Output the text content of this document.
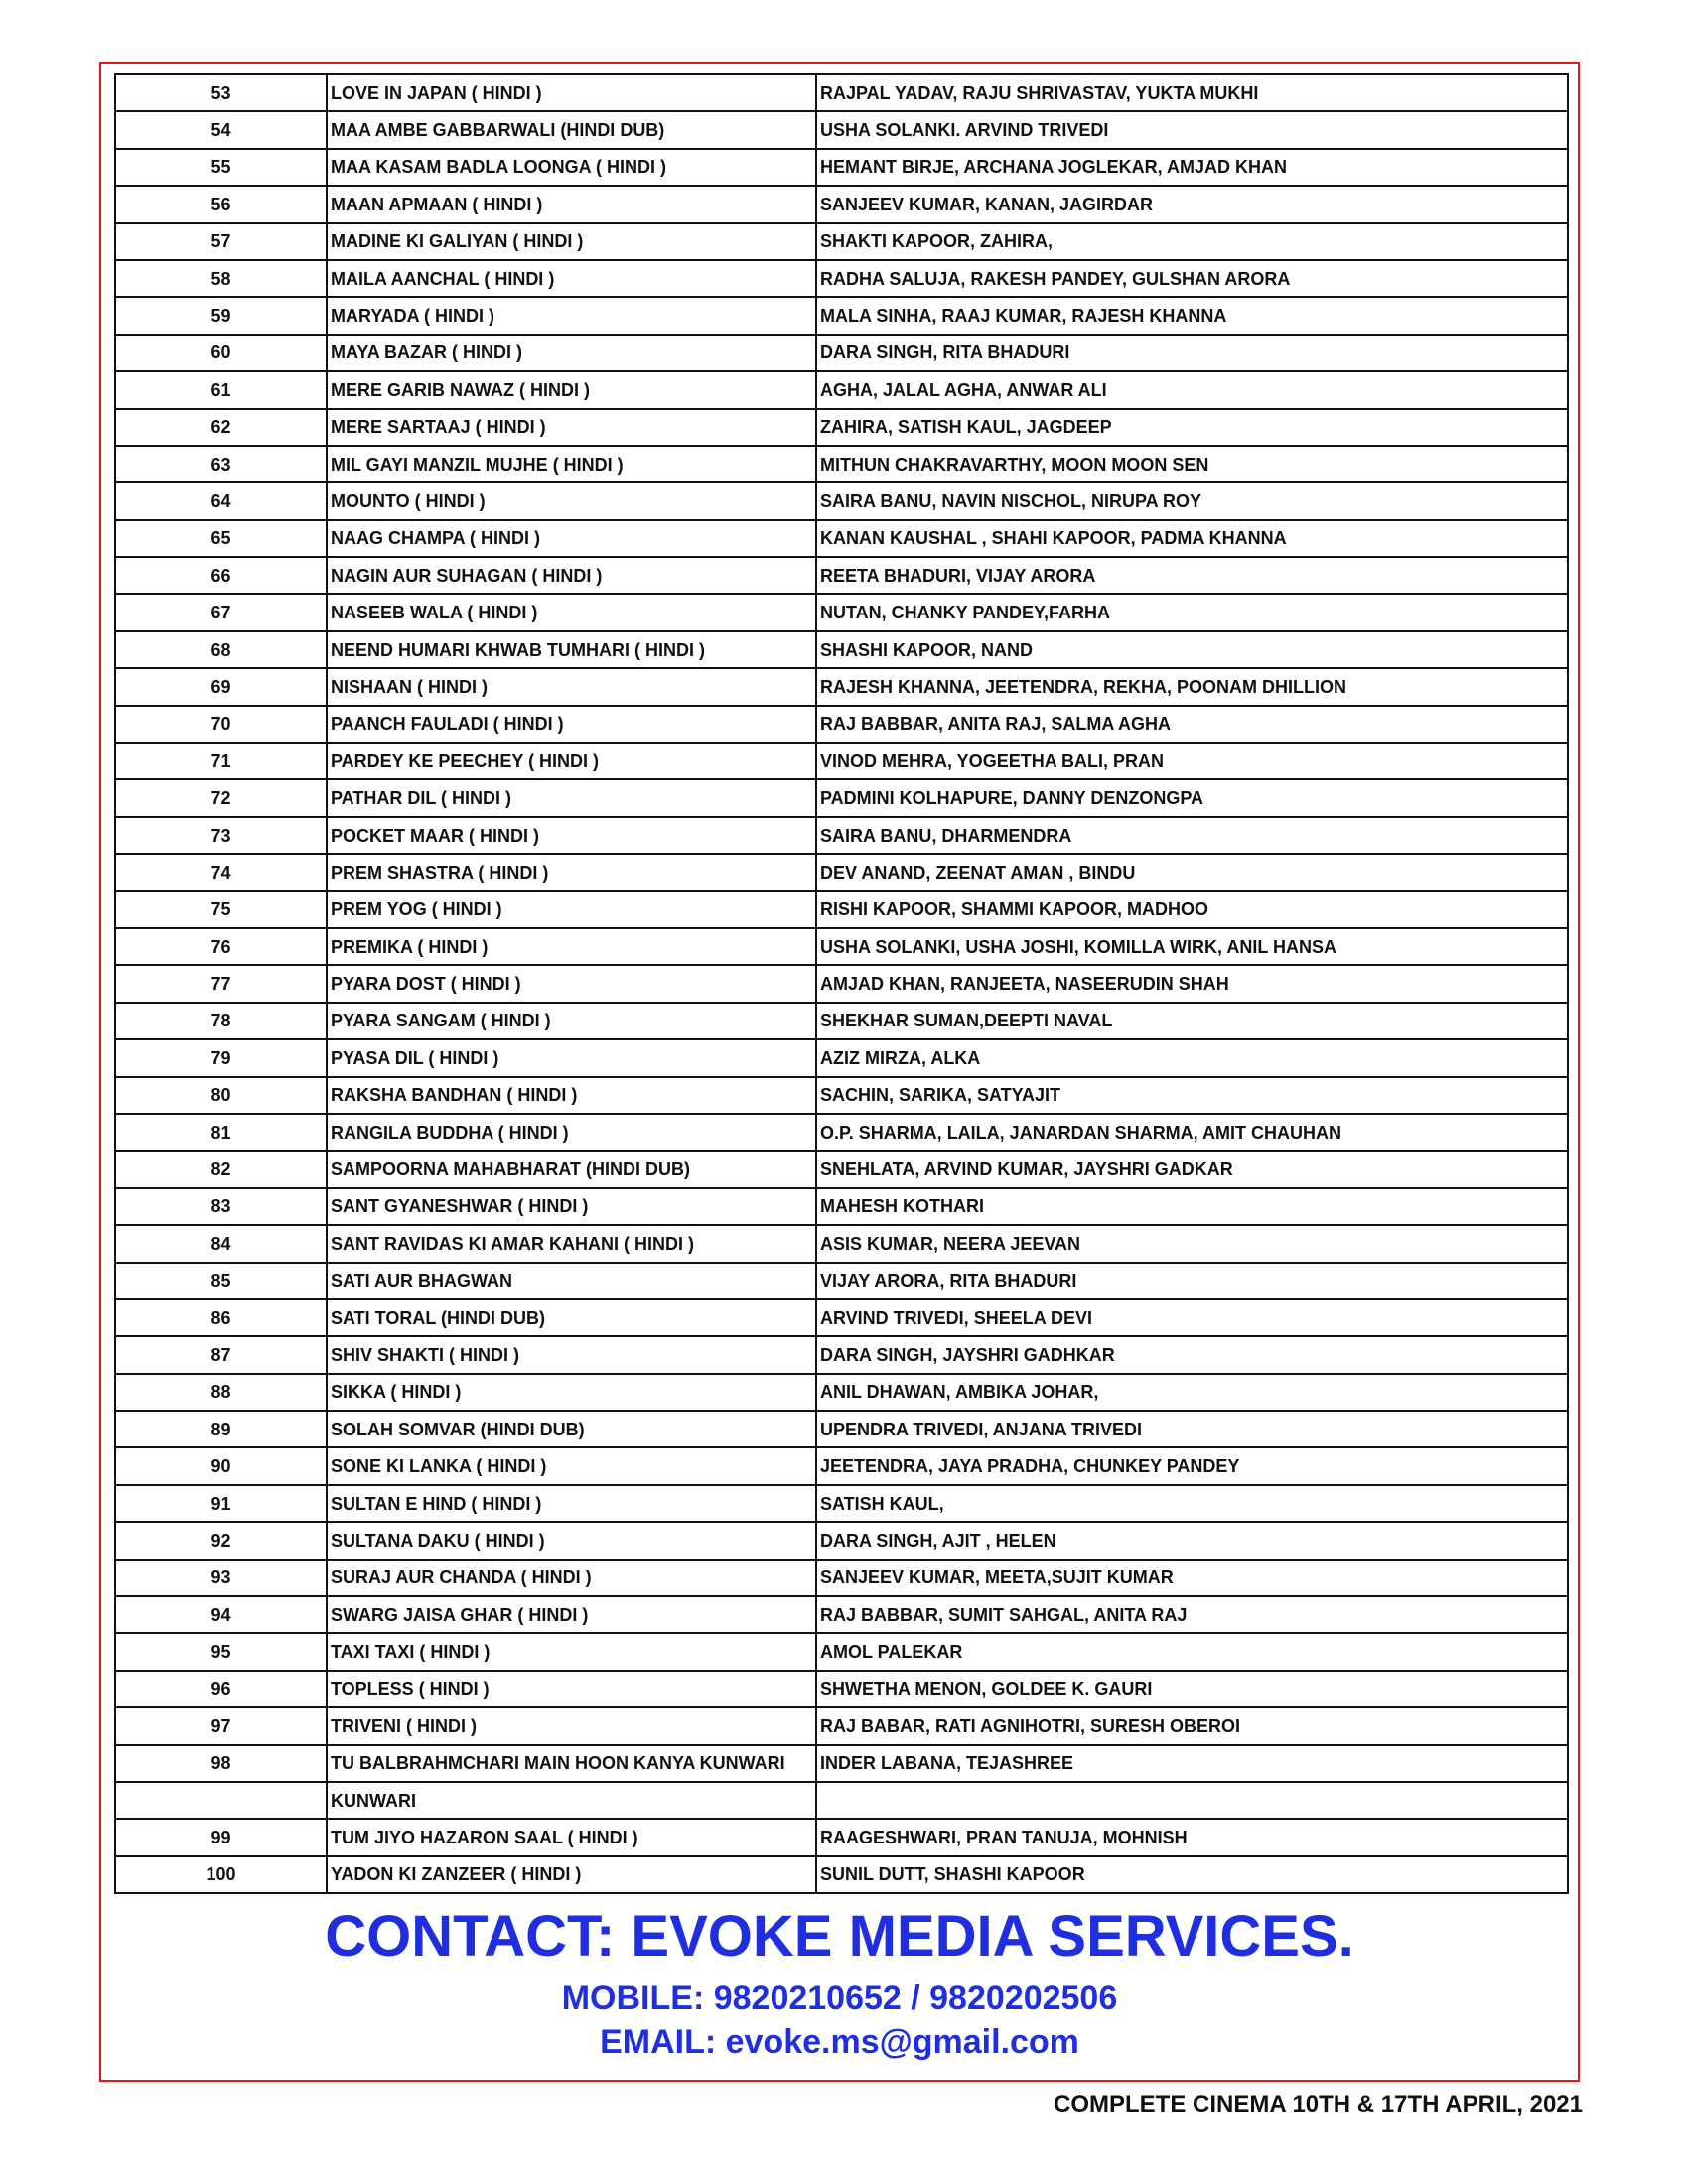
53	LOVE IN JAPAN ( HINDI )	RAJPAL YADAV, RAJU SHRIVASTAV, YUKTA MUKHI
54	MAA AMBE GABBARWALI (HINDI DUB)	USHA SOLANKI. ARVIND TRIVEDI
55	MAA KASAM BADLA LOONGA ( HINDI )	HEMANT BIRJE, ARCHANA JOGLEKAR, AMJAD KHAN
56	MAAN APMAAN ( HINDI )	SANJEEV KUMAR, KANAN, JAGIRDAR
57	MADINE KI GALIYAN ( HINDI )	SHAKTI KAPOOR, ZAHIRA,
58	MAILA AANCHAL ( HINDI )	RADHA SALUJA, RAKESH PANDEY, GULSHAN ARORA
59	MARYADA ( HINDI )	MALA SINHA, RAAJ KUMAR, RAJESH KHANNA
60	MAYA BAZAR ( HINDI )	DARA SINGH, RITA BHADURI
61	MERE GARIB NAWAZ ( HINDI )	AGHA, JALAL AGHA, ANWAR ALI
62	MERE SARTAAJ ( HINDI )	ZAHIRA, SATISH KAUL, JAGDEEP
63	MIL GAYI MANZIL MUJHE ( HINDI )	MITHUN CHAKRAVARTHY, MOON MOON SEN
64	MOUNTO ( HINDI )	SAIRA BANU, NAVIN NISCHOL, NIRUPA ROY
65	NAAG CHAMPA ( HINDI )	KANAN KAUSHAL , SHAHI KAPOOR, PADMA KHANNA
66	NAGIN AUR SUHAGAN ( HINDI )	REETA BHADURI, VIJAY ARORA
67	NASEEB WALA ( HINDI )	NUTAN, CHANKY PANDEY,FARHA
68	NEEND HUMARI KHWAB TUMHARI ( HINDI )	SHASHI KAPOOR, NAND
69	NISHAAN ( HINDI )	RAJESH KHANNA, JEETENDRA, REKHA, POONAM DHILLION
70	PAANCH FAULADI ( HINDI )	RAJ BABBAR, ANITA RAJ, SALMA AGHA
71	PARDEY KE PEECHEY ( HINDI )	VINOD MEHRA, YOGEETHA BALI, PRAN
72	PATHAR DIL ( HINDI )	PADMINI KOLHAPURE, DANNY DENZONGPA
73	POCKET MAAR ( HINDI )	SAIRA BANU, DHARMENDRA
74	PREM SHASTRA ( HINDI )	DEV ANAND, ZEENAT AMAN , BINDU
75	PREM YOG ( HINDI )	RISHI KAPOOR, SHAMMI KAPOOR, MADHOO
76	PREMIKA ( HINDI )	USHA SOLANKI, USHA JOSHI, KOMILLA WIRK, ANIL HANSA
77	PYARA DOST ( HINDI )	AMJAD KHAN, RANJEETA, NASEERUDIN SHAH
78	PYARA SANGAM ( HINDI )	SHEKHAR SUMAN,DEEPTI NAVAL
79	PYASA DIL ( HINDI )	AZIZ MIRZA, ALKA
80	RAKSHA BANDHAN ( HINDI )	SACHIN, SARIKA, SATYAJIT
81	RANGILA BUDDHA ( HINDI )	O.P. SHARMA, LAILA, JANARDAN SHARMA, AMIT CHAUHAN
82	SAMPOORNA MAHABHARAT (HINDI DUB)	SNEHLATA, ARVIND KUMAR, JAYSHRI GADKAR
83	SANT GYANESHWAR ( HINDI )	MAHESH KOTHARI
84	SANT RAVIDAS KI AMAR KAHANI ( HINDI )	ASIS KUMAR, NEERA JEEVAN
85	SATI AUR BHAGWAN	VIJAY ARORA, RITA BHADURI
86	SATI TORAL (HINDI DUB)	ARVIND TRIVEDI, SHEELA DEVI
87	SHIV SHAKTI ( HINDI )	DARA SINGH, JAYSHRI GADHKAR
88	SIKKA ( HINDI )	ANIL DHAWAN, AMBIKA JOHAR,
89	SOLAH SOMVAR (HINDI DUB)	UPENDRA TRIVEDI, ANJANA TRIVEDI
90	SONE KI LANKA ( HINDI )	JEETENDRA, JAYA PRADHA, CHUNKEY PANDEY
91	SULTAN E HIND ( HINDI )	SATISH KAUL,
92	SULTANA DAKU ( HINDI )	DARA SINGH, AJIT , HELEN
93	SURAJ AUR CHANDA ( HINDI )	SANJEEV KUMAR, MEETA,SUJIT KUMAR
94	SWARG JAISA GHAR ( HINDI )	RAJ BABBAR, SUMIT SAHGAL, ANITA RAJ
95	TAXI TAXI ( HINDI )	AMOL PALEKAR
96	TOPLESS ( HINDI )	SHWETHA MENON, GOLDEE K. GAURI
97	TRIVENI ( HINDI )	RAJ BABAR, RATI AGNIHOTRI, SURESH OBEROI
98	TU BALBRAHMCHARI MAIN HOON KANYA KUNWARI	INDER LABANA, TEJASHREE
	KUNWARI	
99	TUM JIYO HAZARON SAAL ( HINDI )	RAAGESHWARI, PRAN TANUJA, MOHNISH
100	YADON KI ZANZEER ( HINDI )	SUNIL DUTT, SHASHI KAPOOR
CONTACT: EVOKE MEDIA SERVICES.
MOBILE: 9820210652 / 9820202506
EMAIL: evoke.ms@gmail.com
COMPLETE CINEMA 10TH & 17TH APRIL, 2021
